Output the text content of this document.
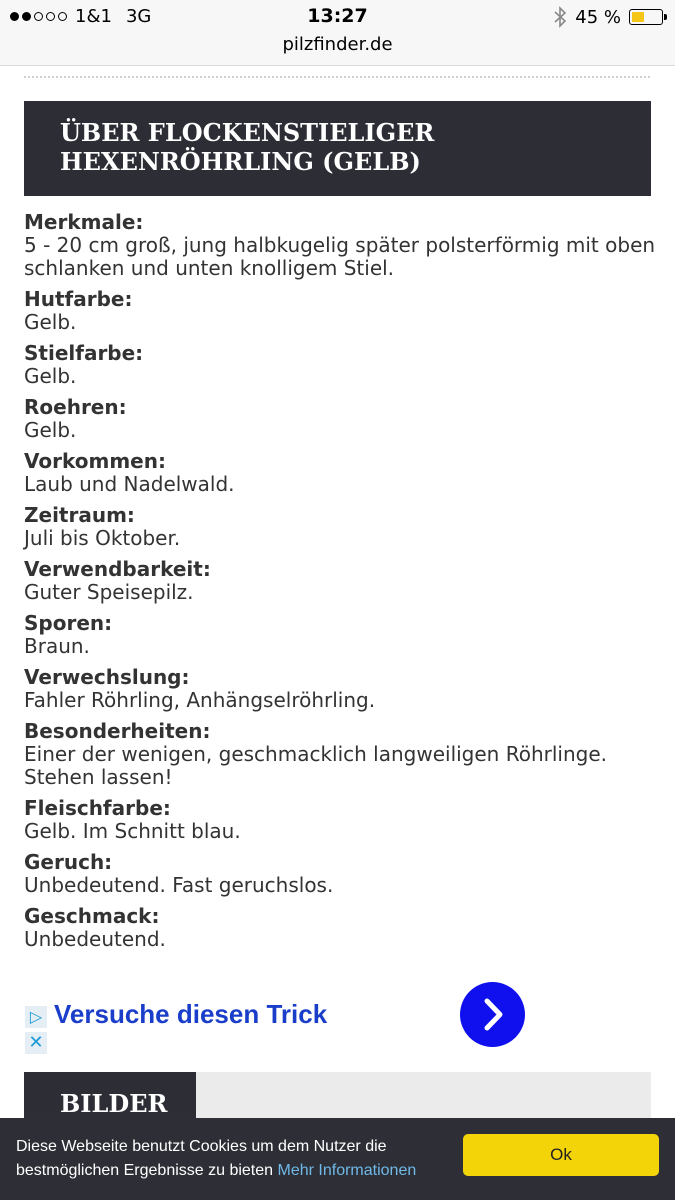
1&1 3G	13:27	45 %
pilzfinder.de
ÜBER FLOCKENSTIELIGER
HEXENRÖHRLING (GELB)
Merkmale:
5 - 20 cm groß, jung halbkugelig später polsterförmig mit oben schlanken und unten knolligem Stiel.
Hutfarbe:
Gelb.
Stielfarbe:
Gelb.
Roehren:
Gelb.
Vorkommen:
Laub und Nadelwald.
Zeitraum:
Juli bis Oktober.
Verwendbarkeit:
Guter Speisepilz.
Sporen:
Braun.
Verwechslung:
Fahler Röhrling, Anhängselröhrling.
Besonderheiten:
Einer der wenigen, geschmacklich langweiligen Röhrlinge. Stehen lassen!
Fleischfarbe:
Gelb. Im Schnitt blau.
Geruch:
Unbedeutend. Fast geruchslos.
Geschmack:
Unbedeutend.
▷
✕
Versuche diesen Trick
BILDER
Diese Webseite benutzt Cookies um dem Nutzer die bestmöglichen Ergebnisse zu bieten Mehr Informationen
Ok
